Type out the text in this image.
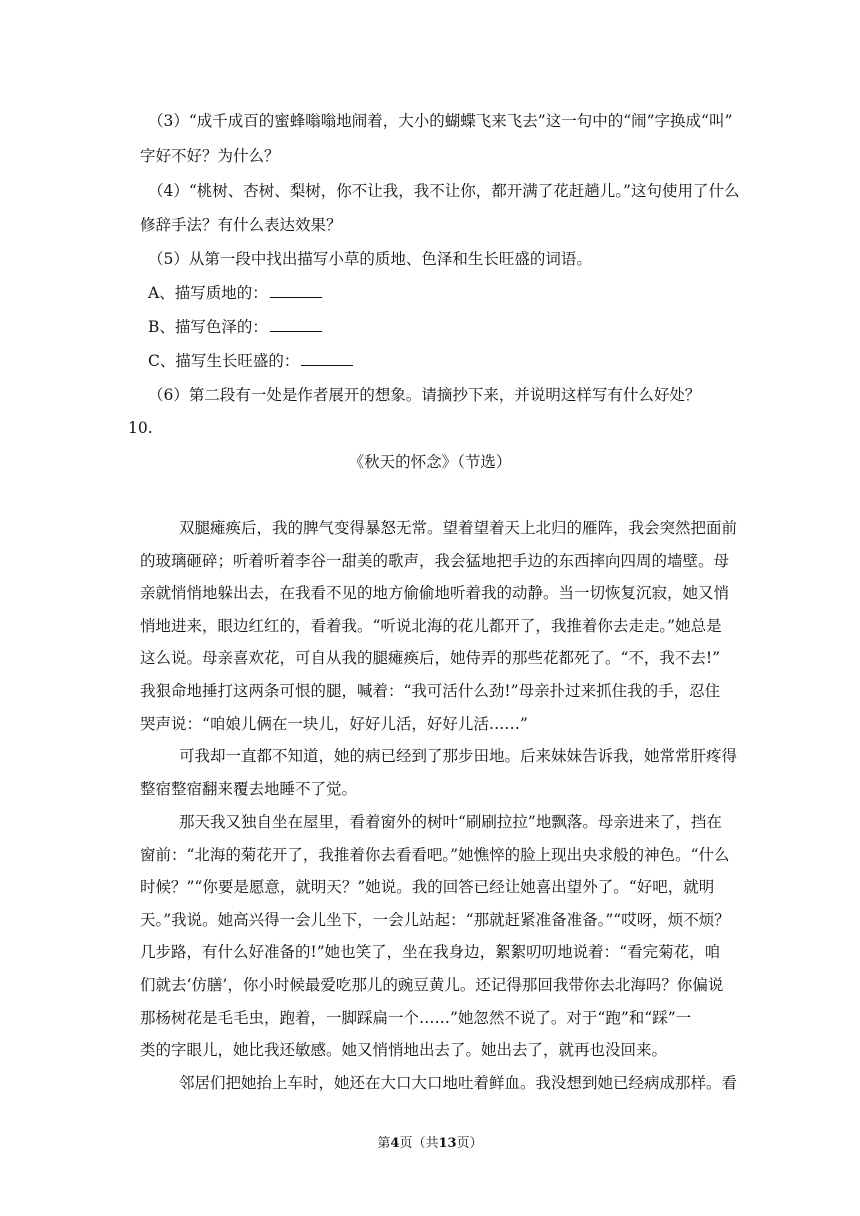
（3）“成千成百的蜜蜂嗡嗡地闹着，大小的蝴蝶飞来飞去”这一句中的“闹”字换成“叫”
字好不好？为什么？
（4）“桃树、杏树、梨树，你不让我，我不让你，都开满了花赶趟儿。”这句使用了什么
修辞手法？有什么表达效果？
（5）从第一段中找出描写小草的质地、色泽和生长旺盛的词语。
A、描写质地的：
B、描写色泽的：
C、描写生长旺盛的：
（6）第二段有一处是作者展开的想象。请摘抄下来，并说明这样写有什么好处？
10.
《秋天的怀念》（节选）
双腿瘫痪后，我的脾气变得暴怒无常。望着望着天上北归的雁阵，我会突然把面前
的玻璃砸碎；听着听着李谷一甜美的歌声，我会猛地把手边的东西摔向四周的墙壁。母
亲就悄悄地躲出去，在我看不见的地方偷偷地听着我的动静。当一切恢复沉寂，她又悄
悄地进来，眼边红红的，看着我。“听说北海的花儿都开了，我推着你去走走。”她总是
这么说。母亲喜欢花，可自从我的腿瘫痪后，她侍弄的那些花都死了。“不，我不去!”
我狠命地捶打这两条可恨的腿，喊着：“我可活什么劲!”母亲扑过来抓住我的手，忍住
哭声说：“咱娘儿俩在一块儿，好好儿活，好好儿活……”
可我却一直都不知道，她的病已经到了那步田地。后来妹妹告诉我，她常常肝疼得
整宿整宿翻来覆去地睡不了觉。
那天我又独自坐在屋里，看着窗外的树叶“刷刷拉拉”地飘落。母亲进来了，挡在
窗前：“北海的菊花开了，我推着你去看看吧。”她憔悴的脸上现出央求般的神色。“什么
时候？”“你要是愿意，就明天？”她说。我的回答已经让她喜出望外了。“好吧，就明
天。”我说。她高兴得一会儿坐下，一会儿站起：“那就赶紧准备准备。”“哎呀，烦不烦？
几步路，有什么好准备的!”她也笑了，坐在我身边，絮絮叨叨地说着：“看完菊花，咱
们就去‘仿膳’，你小时候最爱吃那儿的豌豆黄儿。还记得那回我带你去北海吗？你偏说
那杨树花是毛毛虫，跑着，一脚踩扁一个……”她忽然不说了。对于“跑”和“踩”一
类的字眼儿，她比我还敏感。她又悄悄地出去了。她出去了，就再也没回来。
邻居们把她抬上车时，她还在大口大口地吐着鲜血。我没想到她已经病成那样。看
第4页（共13页）
